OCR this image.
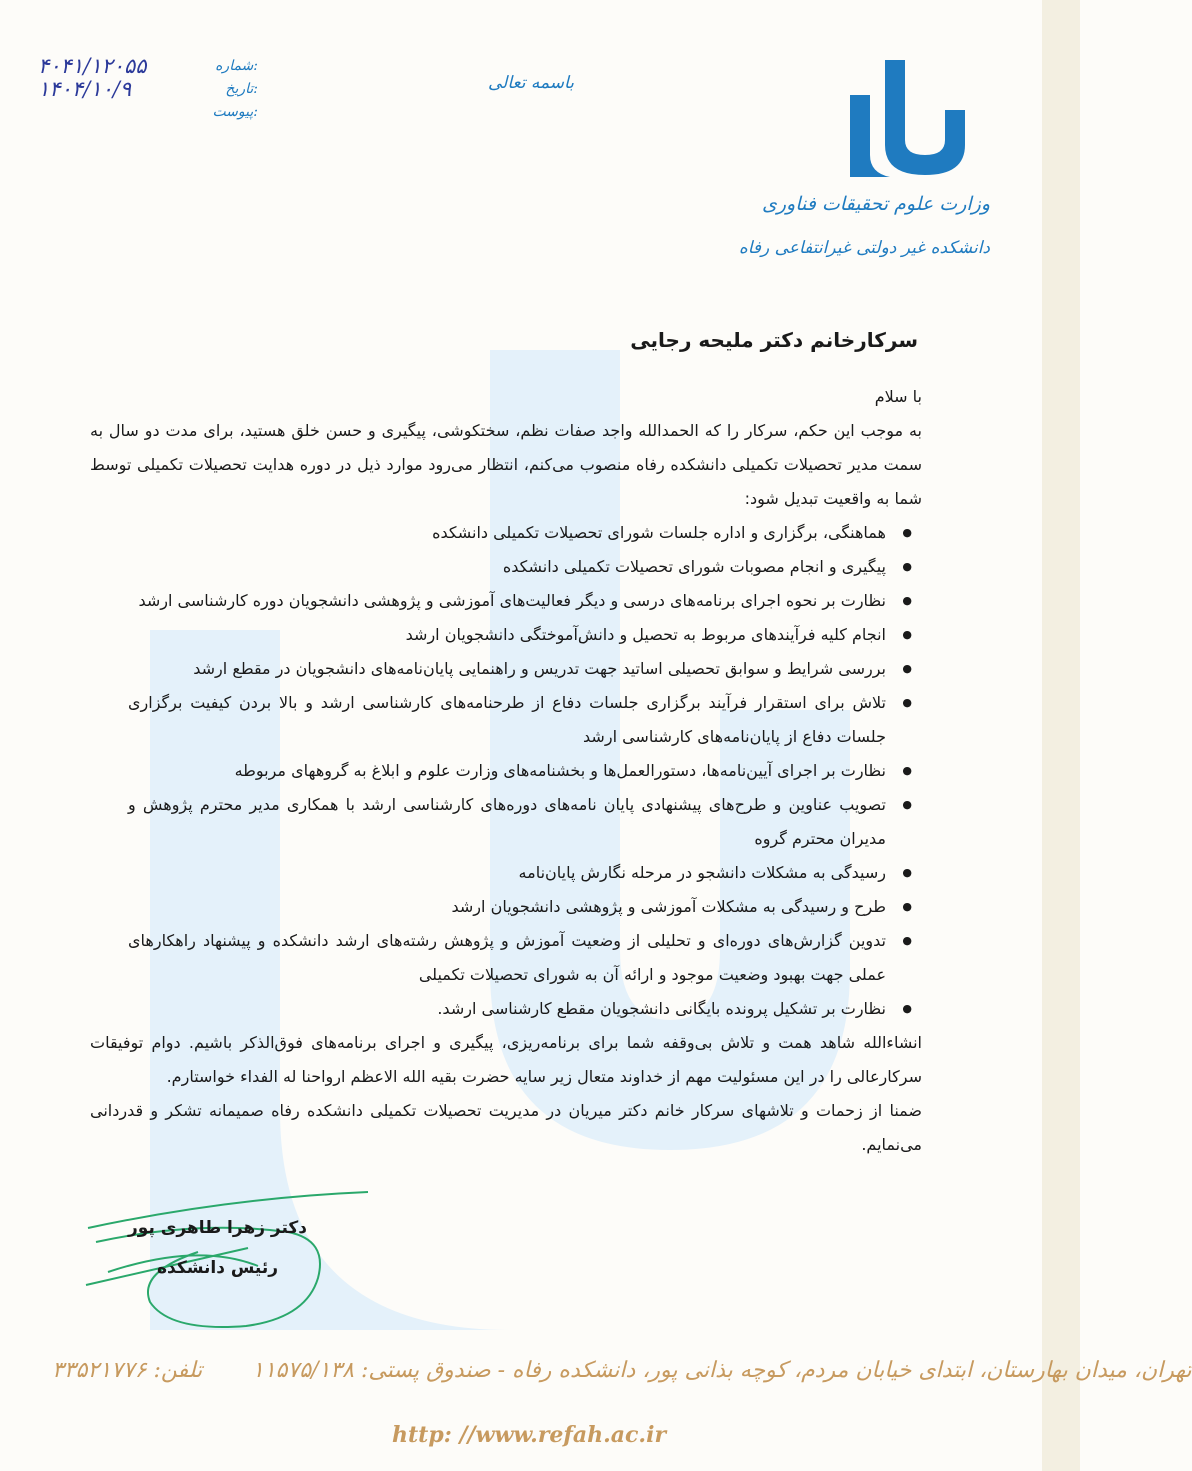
وزارت علوم تحقیقات فناوری
دانشکده غیر دولتی غیرانتفاعی رفاه
باسمه تعالی
شماره:
۴۰۴۱/۱۲۰۵۵
تاریخ:
۱۴۰۴/۱۰/۹
پیوست:
سرکارخانم دکتر ملیحه رجایی

با سلام

به موجب این حکم، سرکار را که الحمدالله واجد صفات نظم، سختکوشی، پیگیری و حسن خلق هستید، برای مدت دو سال به سمت مدیر تحصیلات تکمیلی دانشکده رفاه منصوب می‌کنم، انتظار می‌رود موارد ذیل در دوره هدایت تحصیلات تکمیلی توسط شما به واقعیت تبدیل شود:

● هماهنگی، برگزاری و اداره جلسات شورای تحصیلات تکمیلی دانشکده
● پیگیری و انجام مصوبات شورای تحصیلات تکمیلی دانشکده
● نظارت بر نحوه اجرای برنامه‌های درسی و دیگر فعالیت‌های آموزشی و پژوهشی دانشجویان دوره کارشناسی ارشد
● انجام کلیه فرآیندهای مربوط به تحصیل و دانش‌آموختگی دانشجویان ارشد
● بررسی شرایط و سوابق تحصیلی اساتید جهت تدریس و راهنمایی پایان‌نامه‌های دانشجویان در مقطع ارشد
● تلاش برای استقرار فرآیند برگزاری جلسات دفاع از طرحنامه‌های کارشناسی ارشد و بالا بردن کیفیت برگزاری جلسات دفاع از پایان‌نامه‌های کارشناسی ارشد
● نظارت بر اجرای آیین‌نامه‌ها، دستورالعمل‌ها و بخشنامه‌های وزارت علوم و ابلاغ به گروههای مربوطه
● تصویب عناوین و طرح‌های پیشنهادی پایان نامه‌های دوره‌های کارشناسی ارشد با همکاری مدیر محترم پژوهش و مدیران محترم گروه
● رسیدگی به مشکلات دانشجو در مرحله نگارش پایان‌نامه
● طرح و رسیدگی به مشکلات آموزشی و پژوهشی دانشجویان ارشد
● تدوین گزارش‌های دوره‌ای و تحلیلی از وضعیت آموزش و پژوهش رشته‌های ارشد دانشکده و پیشنهاد راهکارهای عملی جهت بهبود وضعیت موجود و ارائه آن به شورای تحصیلات تکمیلی
● نظارت بر تشکیل پرونده بایگانی دانشجویان مقطع کارشناسی ارشد.

انشاءالله شاهد همت و تلاش بی‌وقفه شما برای برنامه‌ریزی، پیگیری و اجرای برنامه‌های فوق‌الذکر باشیم. دوام توفیقات سرکارعالی را در این مسئولیت مهم از خداوند متعال زیر سایه حضرت بقیه الله الاعظم ارواحنا له الفداء خواستارم.

ضمنا از زحمات و تلاشهای سرکار خانم دکتر میریان در مدیریت تحصیلات تکمیلی دانشکده رفاه صمیمانه تشکر و قدردانی می‌نمایم.

دکتر زهرا طاهری پور
رئیس دانشکده
تهران، میدان بهارستان، ابتدای خیابان مردم، کوچه بذانی پور، دانشکده رفاه - صندوق پستی: ۱۱۵۷۵/۱۳۸
تلفن: ۳۳۵۲۱۷۷۶
http: //www.refah.ac.ir
